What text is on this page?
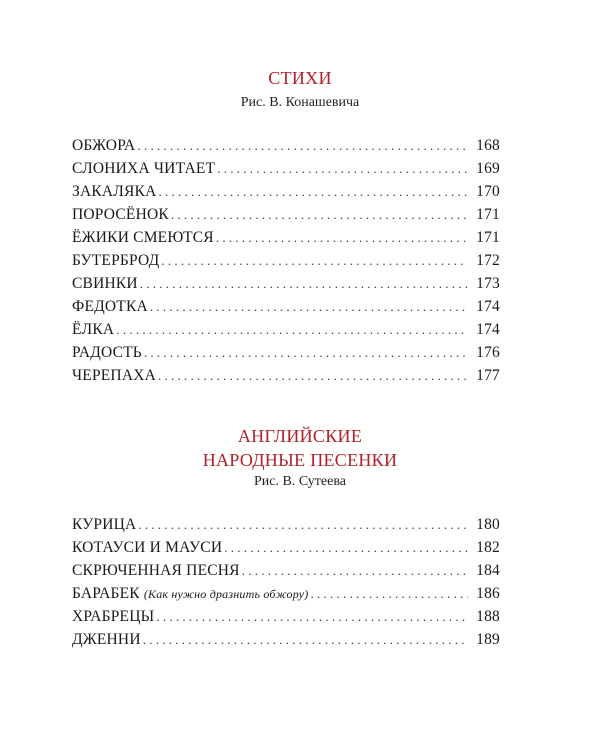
СТИХИ
Рис. В. Конашевича
ОБЖОРА . . .	168
СЛОНИХА ЧИТАЕТ . . .	169
ЗАКАЛЯКА . . .	170
ПОРОСЁНОК . . .	171
ЁЖИКИ СМЕЮТСЯ . . .	171
БУТЕРБРОД . . .	172
СВИНКИ . . .	173
ФЕДОТКА . . .	174
ЁЛКА . . .	174
РАДОСТЬ . . .	176
ЧЕРЕПАХА . . .	177
АНГЛИЙСКИЕ
НАРОДНЫЕ ПЕСЕНКИ
Рис. В. Сутеева
КУРИЦА . . .	180
КОТАУСИ И МАУСИ . . .	182
СКРЮЧЕННАЯ ПЕСНЯ . . .	184
БАРАБЕК (Как нужно дразнить обжору) . . .	186
ХРАБРЕЦЫ . . .	188
ДЖЕННИ . . .	189
